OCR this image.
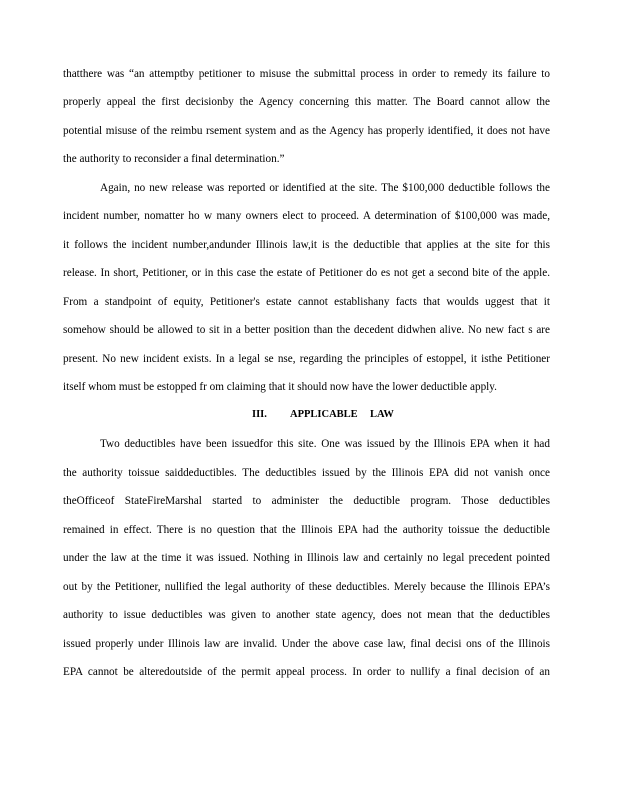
thatthere was “an attemptby petitioner to misuse the submittal process in order to remedy its failure to
properly appeal the first decisionby the Agency concerning this matter. The Board cannot allow the
potential misuse of the reimbu rsement system and as the Agency has properly identified, it does not have
the authority to reconsider a final determination.”
Again, no new release was reported or identified at the site. The $100,000 deductible follows the
incident number, nomatter ho w many owners elect to proceed. A determination of $100,000 was made,
it follows the incident number,andunder Illinois law,it is the deductible that applies at the site for this
release. In short, Petitioner, or in this case the estate of Petitioner do es not get a second bite of the apple.
From a standpoint of equity, Petitioner's estate cannot establishany facts that woulds uggest that it
somehow should be allowed to sit in a better position than the decedent didwhen alive. No new fact s are
present. No new incident exists. In a legal se nse, regarding the principles of estoppel, it isthe Petitioner
itself whom must be estopped fr om claiming that it should now have the lower deductible apply.
III. APPLICABLE LAW
Two deductibles have been issuedfor this site. One was issued by the Illinois EPA when it had
the authority toissue saiddeductibles. The deductibles issued by the Illinois EPA did not vanish once
theOfficeof StateFireMarshal started to administer the deductible program. Those deductibles
remained in effect. There is no question that the Illinois EPA had the authority toissue the deductible
under the law at the time it was issued. Nothing in Illinois law and certainly no legal precedent pointed
out by the Petitioner, nullified the legal authority of these deductibles. Merely because the Illinois EPA’s
authority to issue deductibles was given to another state agency, does not mean that the deductibles
issued properly under Illinois law are invalid. Under the above case law, final decisi ons of the Illinois
EPA cannot be alteredoutside of the permit appeal process. In order to nullify a final decision of an
